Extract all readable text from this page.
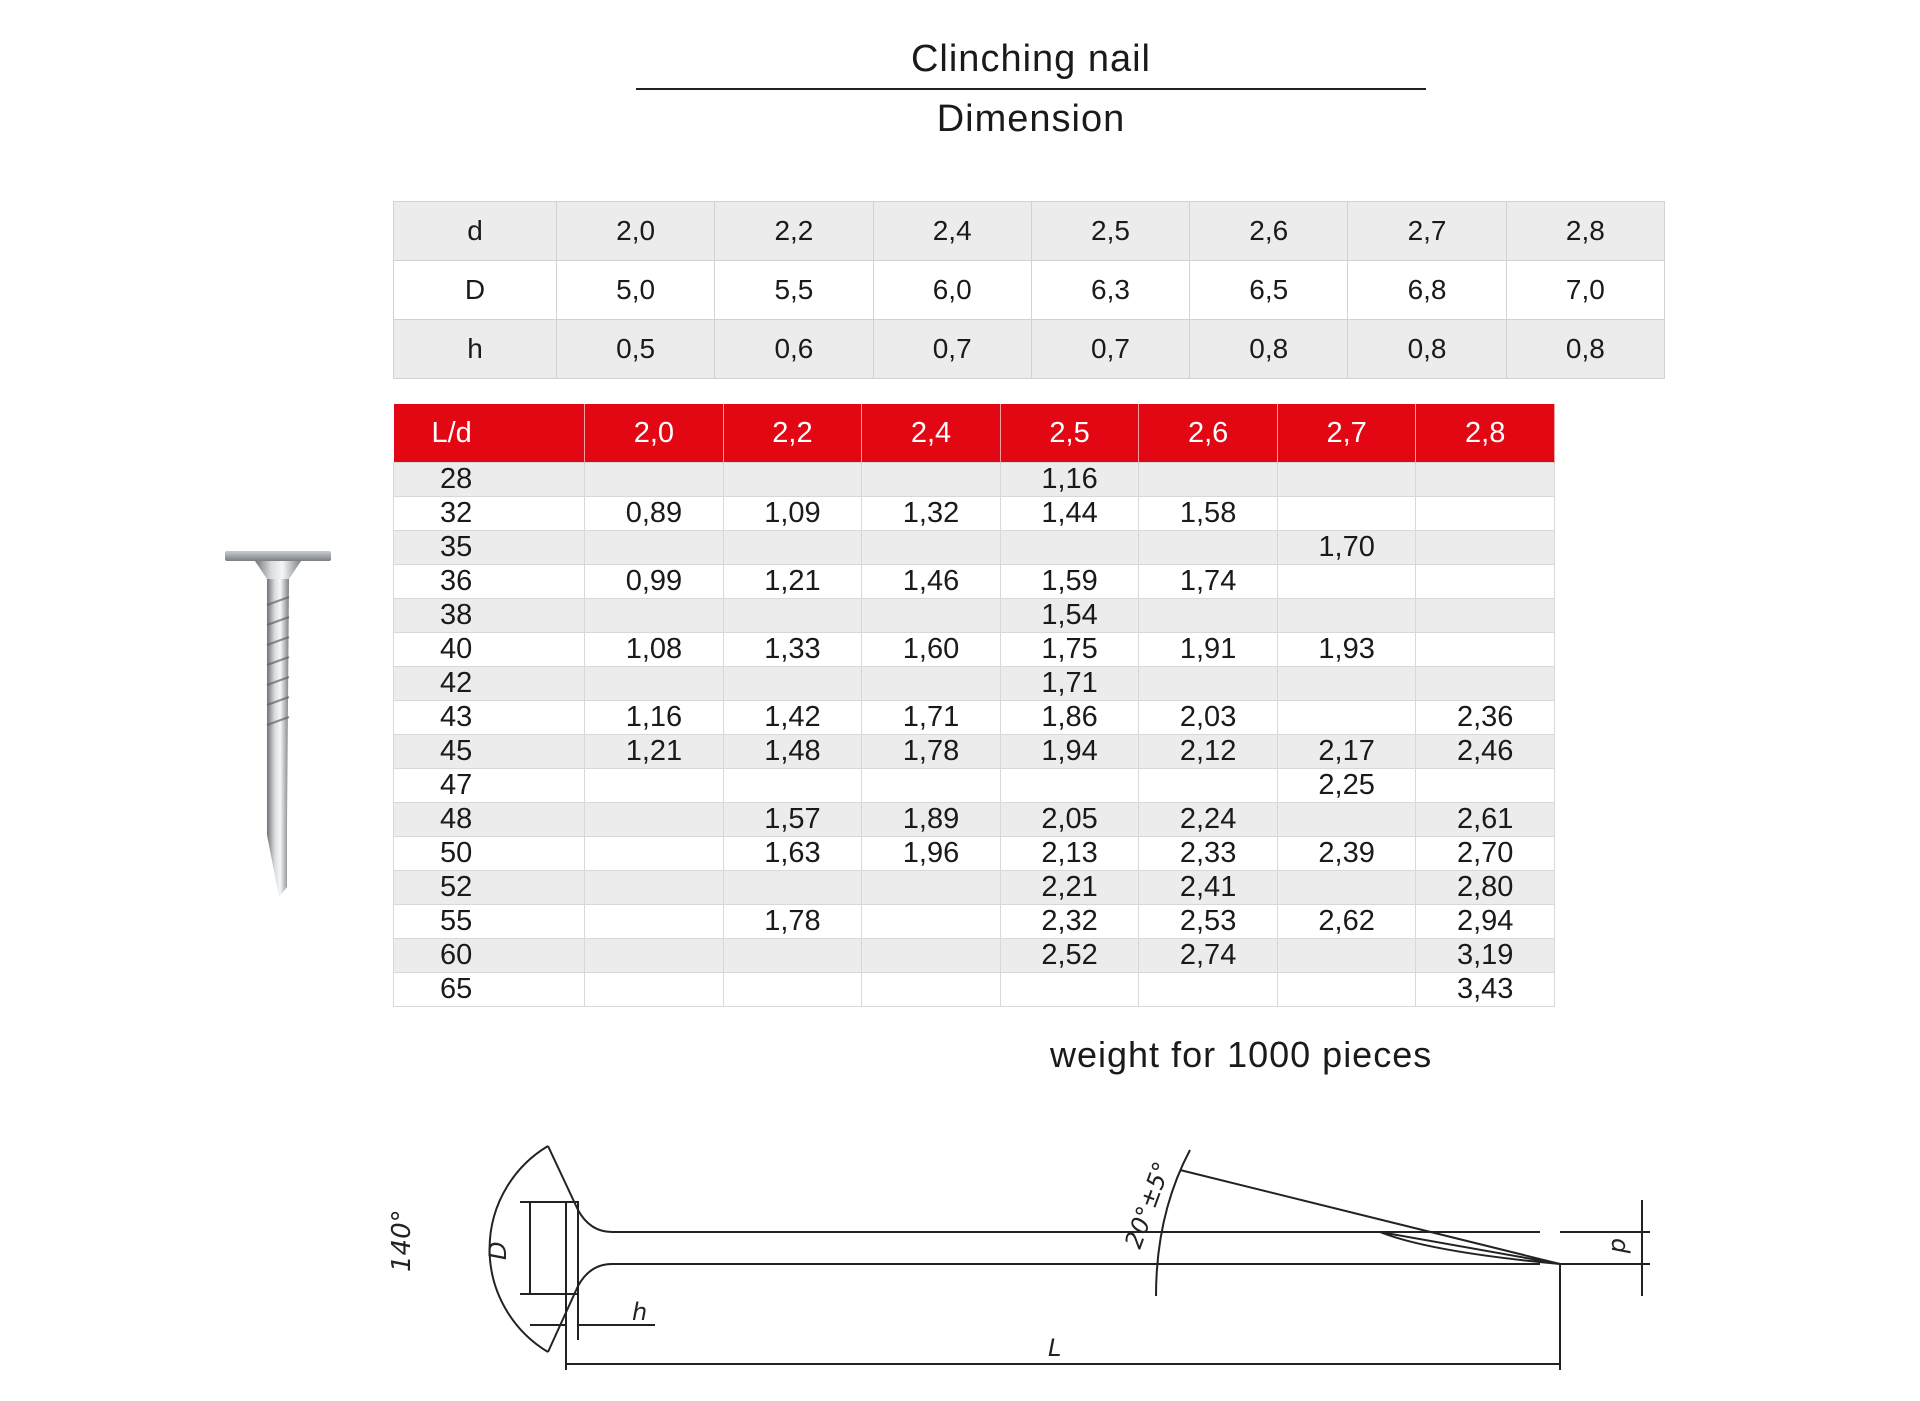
Clinching nail
Dimension
d	2,0	2,2	2,4	2,5	2,6	2,7	2,8
D	5,0	5,5	6,0	6,3	6,5	6,8	7,0
h	0,5	0,6	0,7	0,7	0,8	0,8	0,8
L/d	2,0	2,2	2,4	2,5	2,6	2,7	2,8
28				1,16			
32	0,89	1,09	1,32	1,44	1,58		
35						1,70	
36	0,99	1,21	1,46	1,59	1,74		
38				1,54			
40	1,08	1,33	1,60	1,75	1,91	1,93	
42				1,71			
43	1,16	1,42	1,71	1,86	2,03		2,36
45	1,21	1,48	1,78	1,94	2,12	2,17	2,46
47						2,25	
48		1,57	1,89	2,05	2,24		2,61
50		1,63	1,96	2,13	2,33	2,39	2,70
52				2,21	2,41		2,80
55		1,78		2,32	2,53	2,62	2,94
60				2,52	2,74		3,19
65							3,43
weight for 1000 pieces
140°	D
h
20°±5°	d
L
